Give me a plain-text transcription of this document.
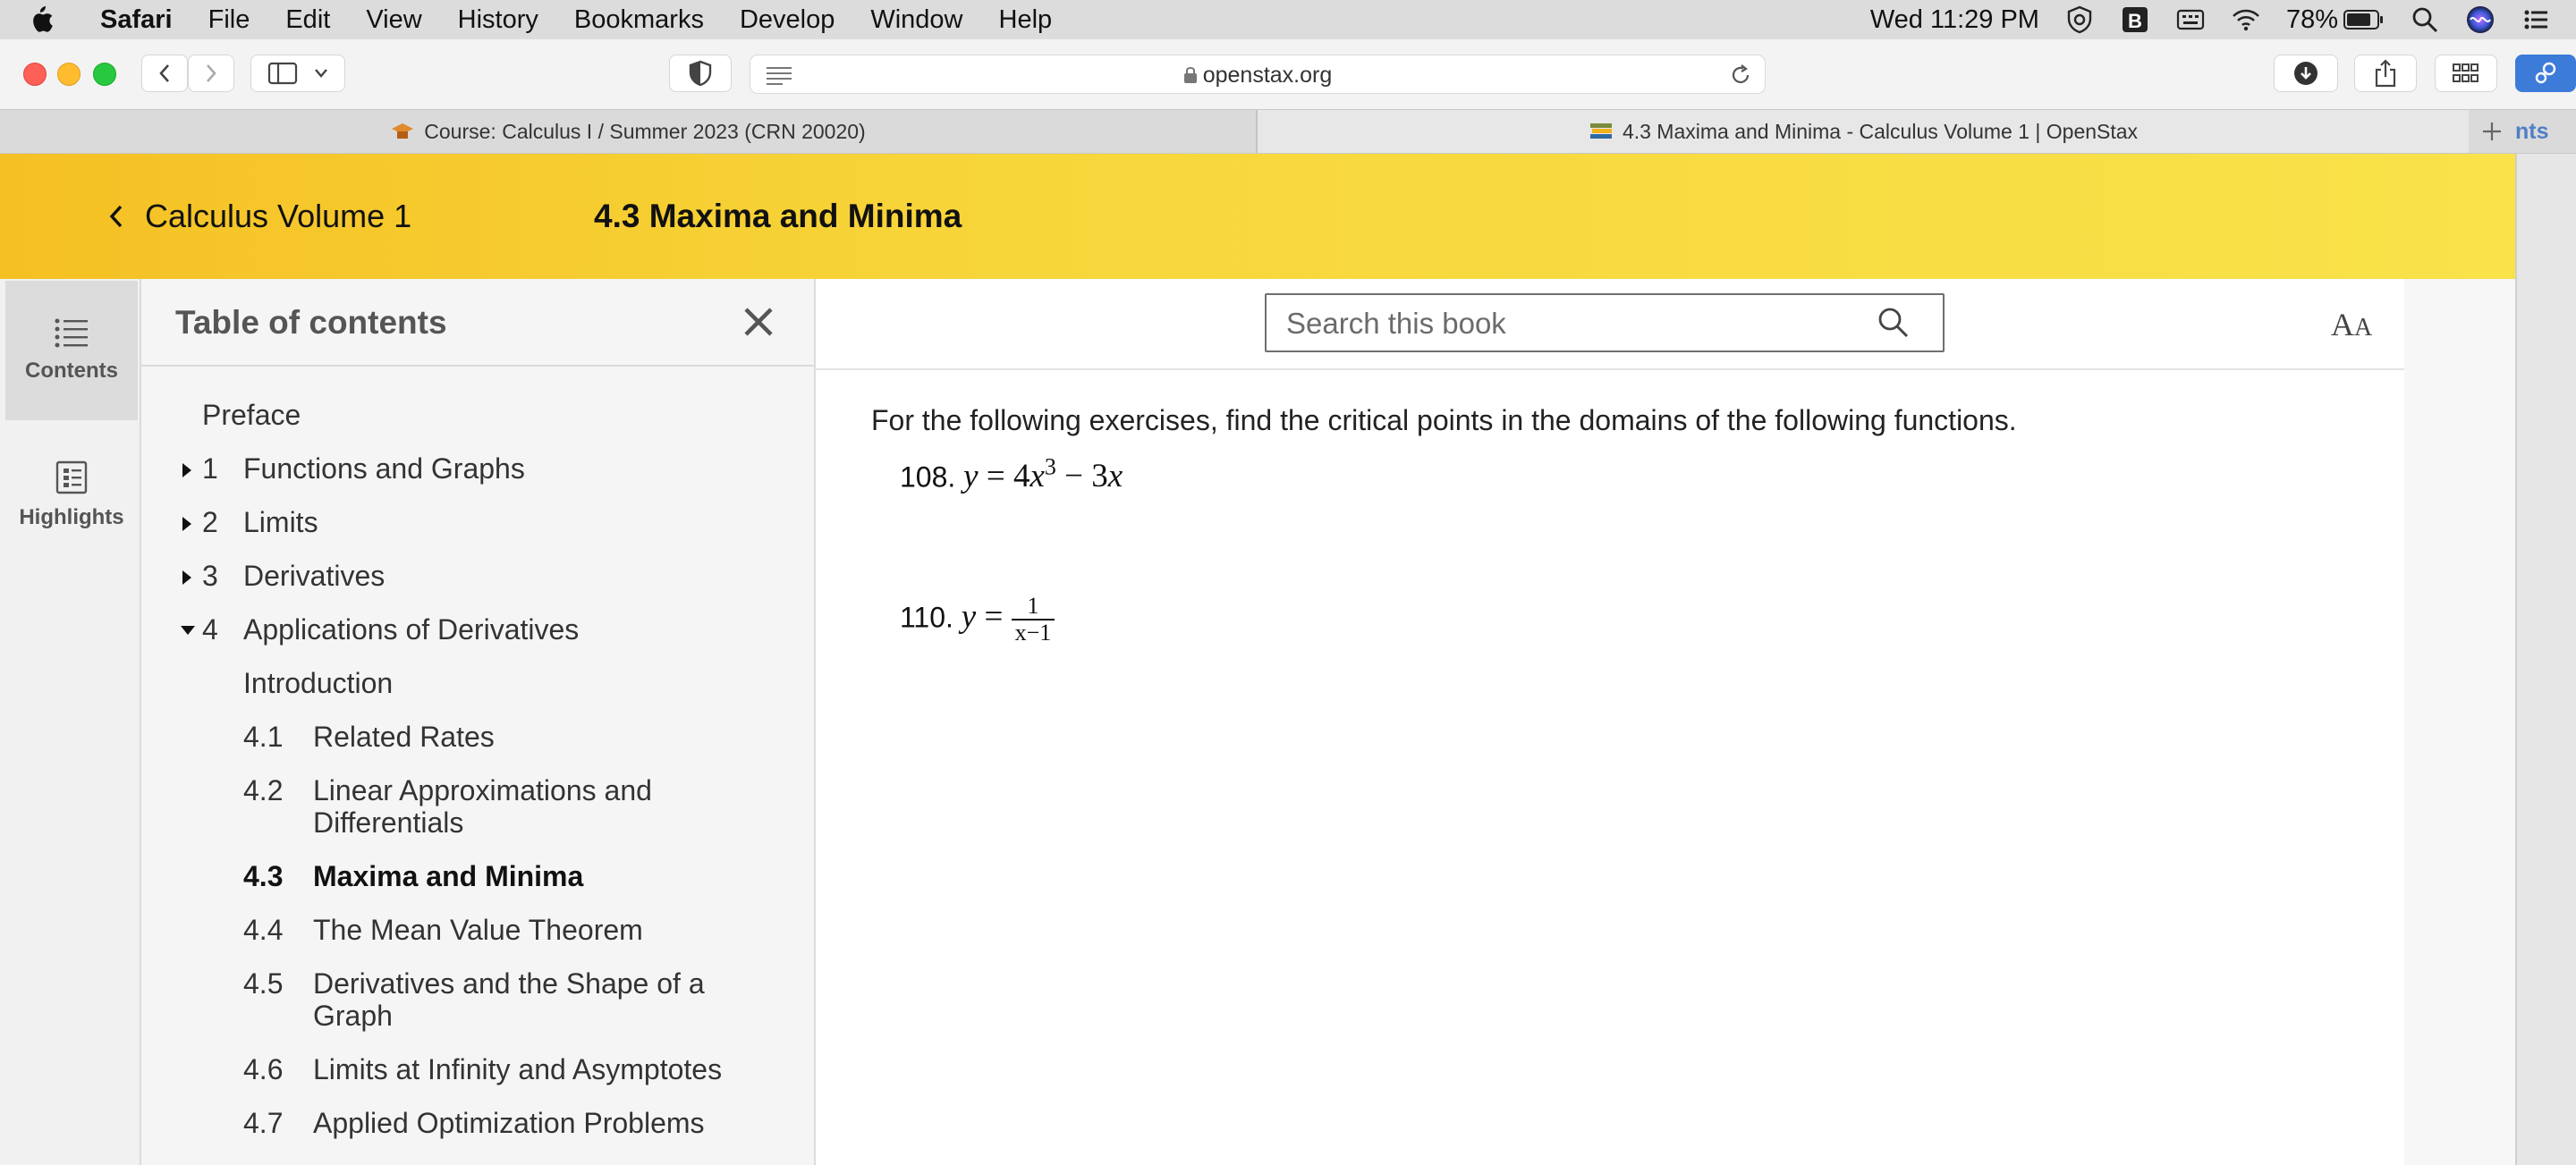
Safari File Edit View History Bookmarks Develop Window Help	Wed 11:29 PM	B	78%
openstax.org
Course: Calculus I / Summer 2023 (CRN 20020)	4.3 Maxima and Minima - Calculus Volume 1 | OpenStax	nts
Calculus Volume 1	4.3 Maxima and Minima
Contents
Highlights
Table of contents
Preface
1 Functions and Graphs
2 Limits
3 Derivatives
4 Applications of Derivatives
Introduction
4.1 Related Rates
4.2 Linear Approximations and
Differentials
4.3 Maxima and Minima
4.4 The Mean Value Theorem
4.5 Derivatives and the Shape of a
Graph
4.6 Limits at Infinity and Asymptotes
4.7 Applied Optimization Problems
Search this book
AA
For the following exercises, find the critical points in the domains of the following functions.
108. $y = 4x^3 - 3x$
110. $y = \frac{1}{x-1}$
